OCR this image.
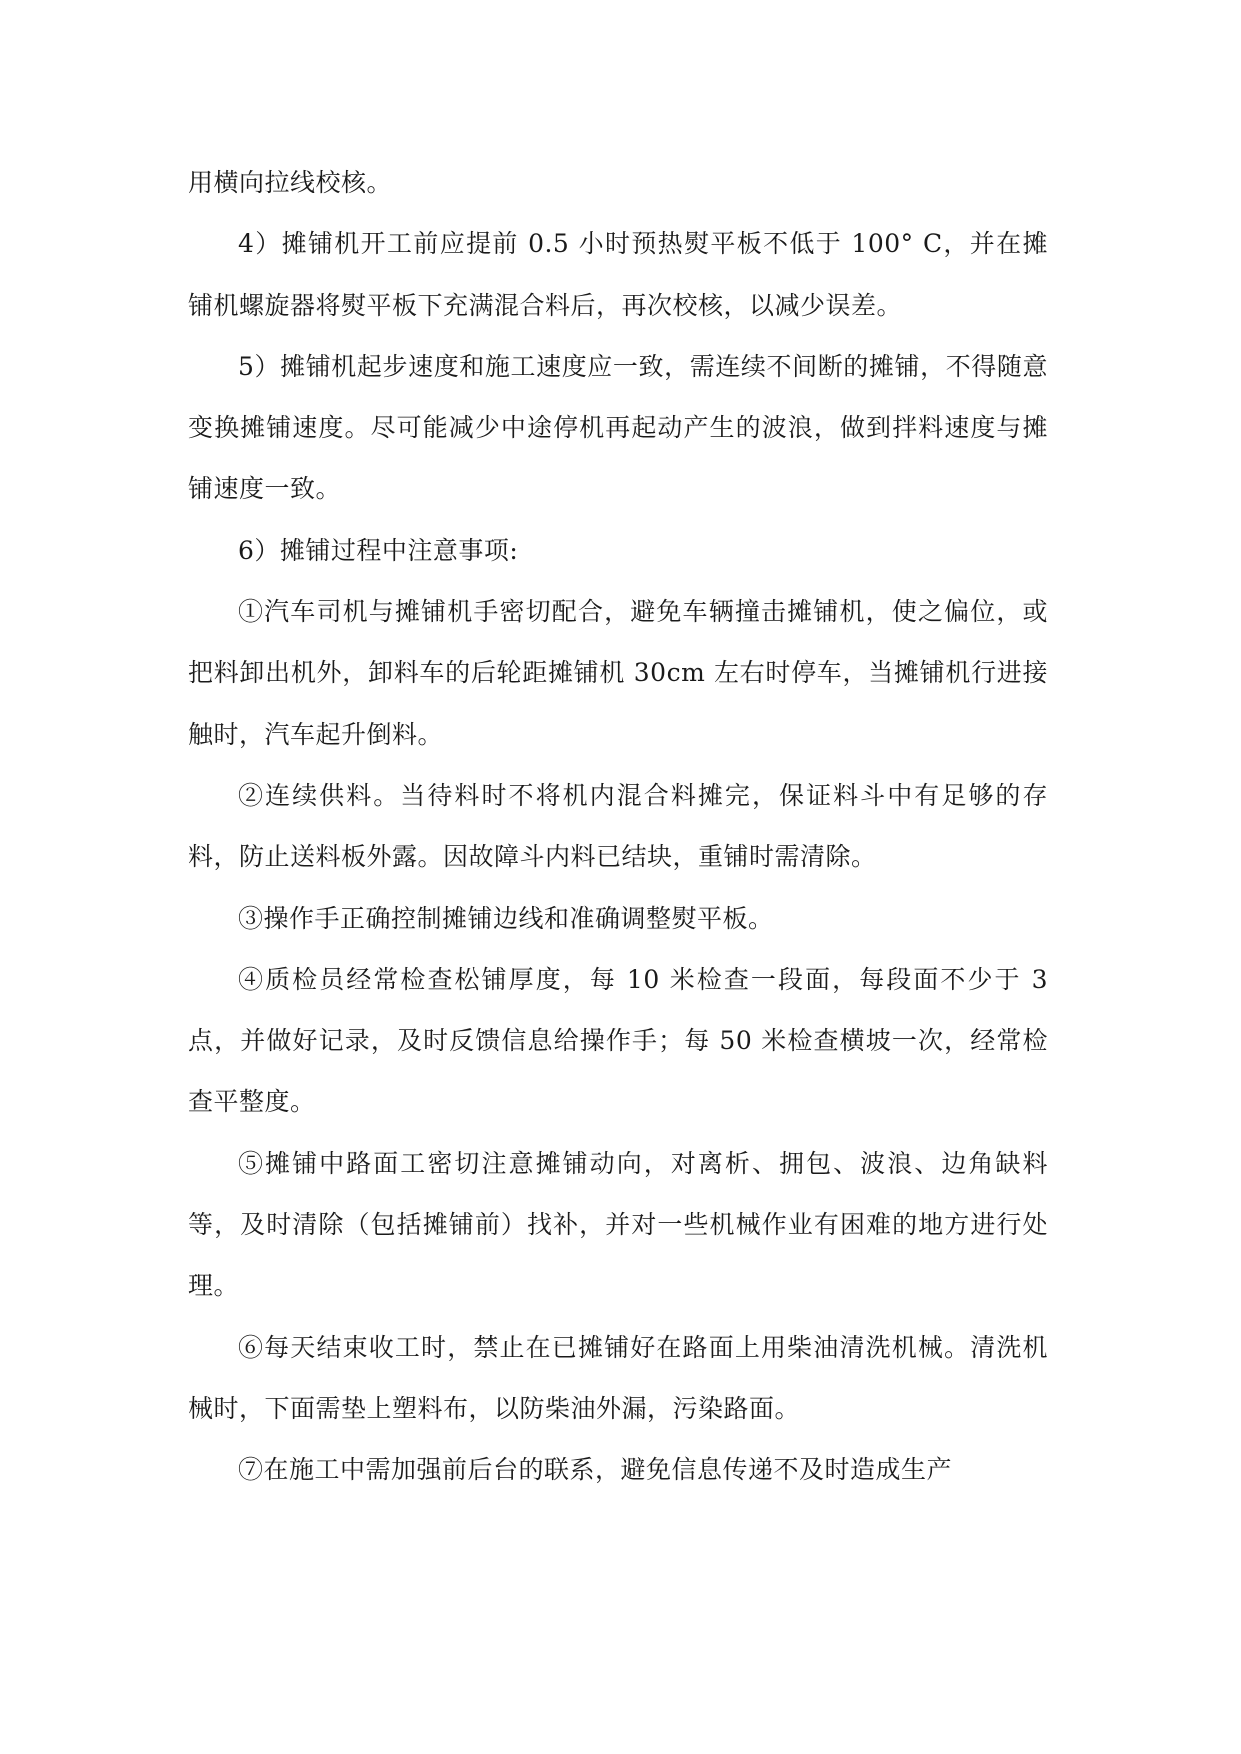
用横向拉线校核。

4）摊铺机开工前应提前 0.5 小时预热熨平板不低于 100° C，并在摊铺机螺旋器将熨平板下充满混合料后，再次校核，以减少误差。

5）摊铺机起步速度和施工速度应一致，需连续不间断的摊铺，不得随意变换摊铺速度。尽可能减少中途停机再起动产生的波浪，做到拌料速度与摊铺速度一致。

6）摊铺过程中注意事项:

①汽车司机与摊铺机手密切配合，避免车辆撞击摊铺机，使之偏位，或把料卸出机外，卸料车的后轮距摊铺机 30cm 左右时停车，当摊铺机行进接触时，汽车起升倒料。

②连续供料。当待料时不将机内混合料摊完，保证料斗中有足够的存料，防止送料板外露。因故障斗内料已结块，重铺时需清除。

③操作手正确控制摊铺边线和准确调整熨平板。

④质检员经常检查松铺厚度，每 10 米检查一段面，每段面不少于 3 点，并做好记录，及时反馈信息给操作手；每 50 米检查横坡一次，经常检查平整度。

⑤摊铺中路面工密切注意摊铺动向，对离析、拥包、波浪、边角缺料等，及时清除（包括摊铺前）找补，并对一些机械作业有困难的地方进行处理。

⑥每天结束收工时，禁止在已摊铺好在路面上用柴油清洗机械。清洗机械时，下面需垫上塑料布，以防柴油外漏，污染路面。

⑦在施工中需加强前后台的联系，避免信息传递不及时造成生产
